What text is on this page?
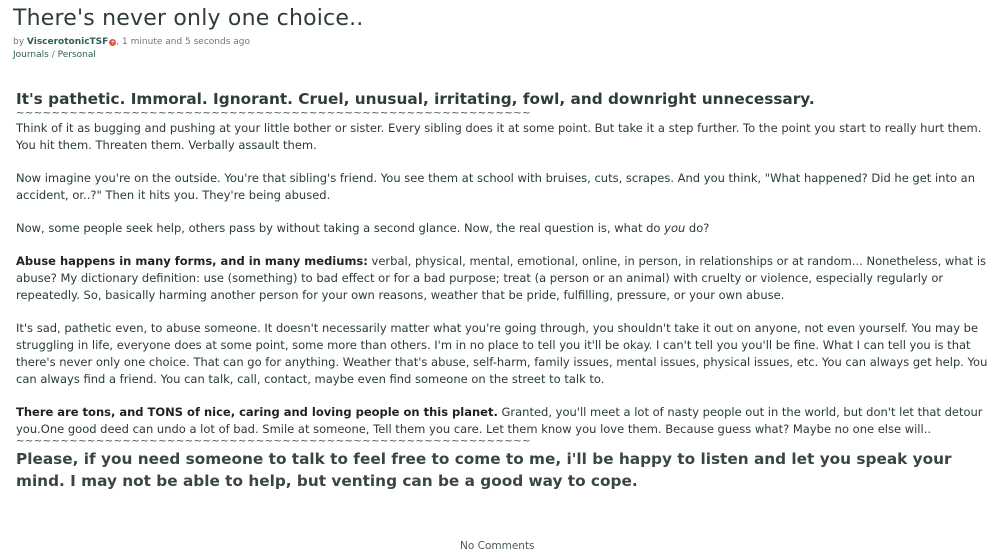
There's never only one choice..
by ViscerotonicTSF +, 1 minute and 5 seconds ago
Journals / Personal
It's pathetic. Immoral. Ignorant. Cruel, unusual, irritating, fowl, and downright unnecessary.
~~~~~~~~~~~~~~~~~~~~~~~~~~~~~~~~~~~~~~~~~~~~~~~~~~~~~~~~~~

Think of it as bugging and pushing at your little bother or sister. Every sibling does it at some point. But take it a step further. To the point you start to really hurt them. You hit them. Threaten them. Verbally assault them.

Now imagine you're on the outside. You're that sibling's friend. You see them at school with bruises, cuts, scrapes. And you think, "What happened? Did he get into an accident, or..?" Then it hits you. They're being abused.

Now, some people seek help, others pass by without taking a second glance. Now, the real question is, what do you do?

Abuse happens in many forms, and in many mediums: verbal, physical, mental, emotional, online, in person, in relationships or at random... Nonetheless, what is abuse? My dictionary definition: use (something) to bad effect or for a bad purpose; treat (a person or an animal) with cruelty or violence, especially regularly or repeatedly. So, basically harming another person for your own reasons, weather that be pride, fulfilling, pressure, or your own abuse.

It's sad, pathetic even, to abuse someone. It doesn't necessarily matter what you're going through, you shouldn't take it out on anyone, not even yourself. You may be struggling in life, everyone does at some point, some more than others. I'm in no place to tell you it'll be okay. I can't tell you you'll be fine. What I can tell you is that there's never only one choice. That can go for anything. Weather that's abuse, self-harm, family issues, mental issues, physical issues, etc. You can always get help. You can always find a friend. You can talk, call, contact, maybe even find someone on the street to talk to.

There are tons, and TONS of nice, caring and loving people on this planet. Granted, you'll meet a lot of nasty people out in the world, but don't let that detour you.One good deed can undo a lot of bad. Smile at someone, Tell them you care. Let them know you love them. Because guess what? Maybe no one else will..

~~~~~~~~~~~~~~~~~~~~~~~~~~~~~~~~~~~~~~~~~~~~~~~~~~~~~~~~~~

Please, if you need someone to talk to feel free to come to me, i'll be happy to listen and let you speak your mind. I may not be able to help, but venting can be a good way to cope.

No Comments
